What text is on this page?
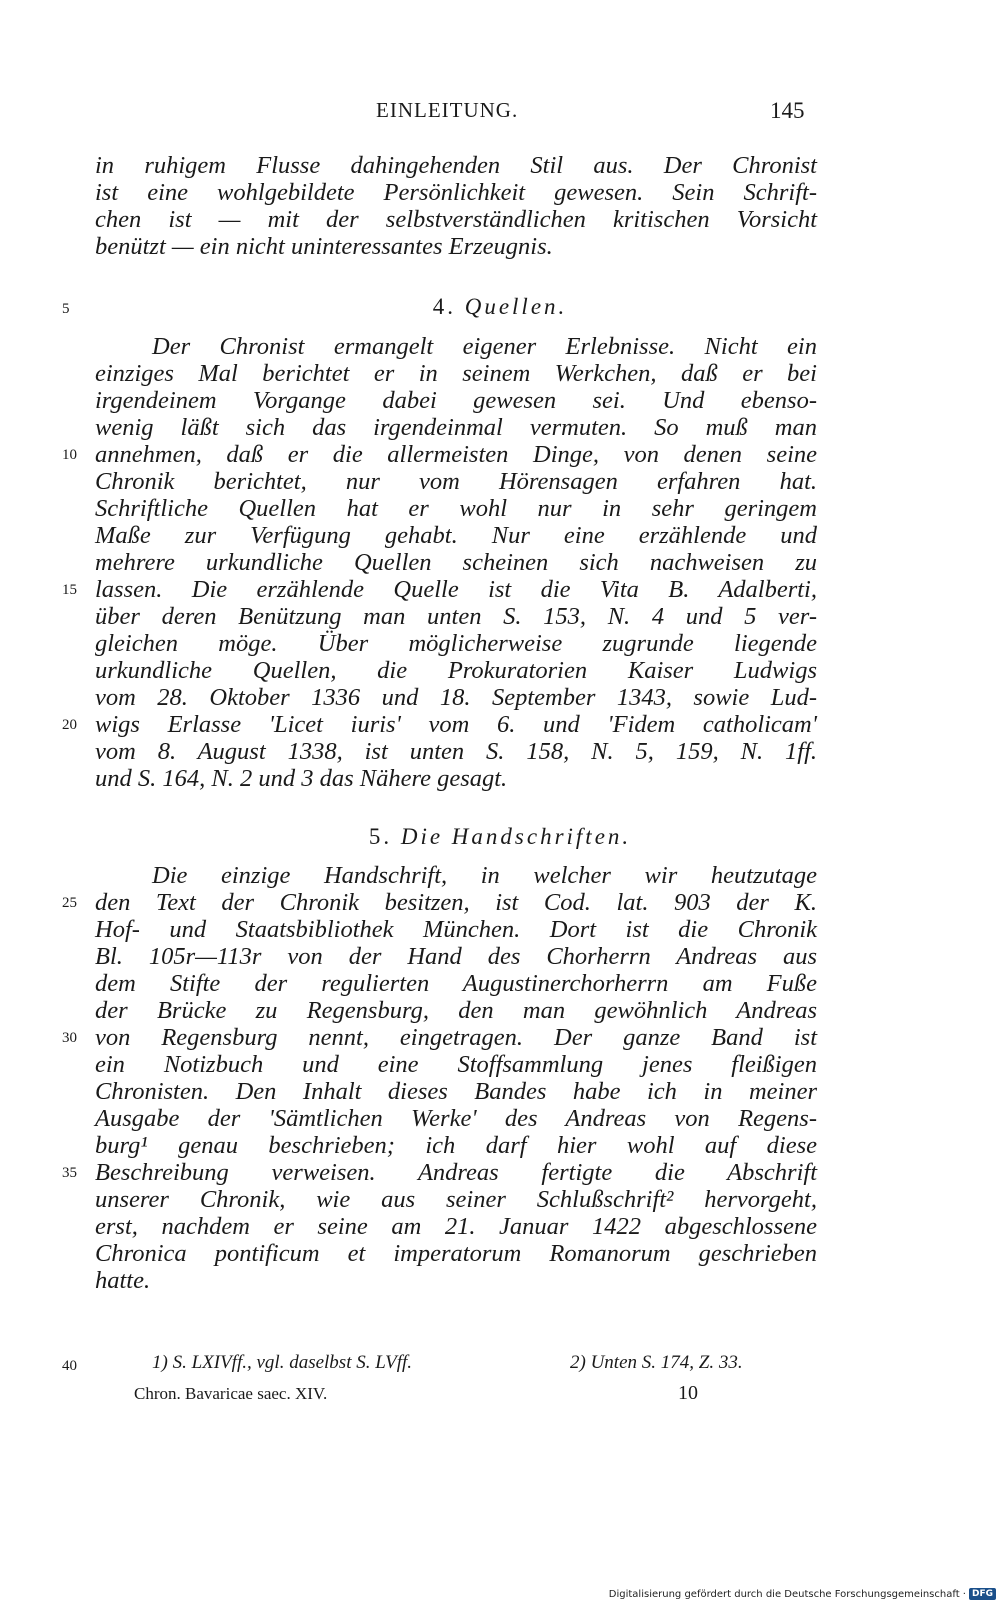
EINLEITUNG.	145
in ruhigem Flusse dahingehenden Stil aus. Der Chronist
ist eine wohlgebildete Persönlichkeit gewesen. Sein Schrift-
chen ist — mit der selbstverständlichen kritischen Vorsicht
benützt — ein nicht uninteressantes Erzeugnis.
5	4. Quellen.
Der Chronist ermangelt eigener Erlebnisse. Nicht ein
einziges Mal berichtet er in seinem Werkchen, daß er bei
irgendeinem Vorgange dabei gewesen sei. Und ebenso-
wenig läßt sich das irgendeinmal vermuten. So muß man
10 annehmen, daß er die allermeisten Dinge, von denen seine
Chronik berichtet, nur vom Hörensagen erfahren hat.
Schriftliche Quellen hat er wohl nur in sehr geringem
Maße zur Verfügung gehabt. Nur eine erzählende und
mehrere urkundliche Quellen scheinen sich nachweisen zu
15 lassen. Die erzählende Quelle ist die Vita B. Adalberti,
über deren Benützung man unten S. 153, N. 4 und 5 ver-
gleichen möge. Über möglicherweise zugrunde liegende
urkundliche Quellen, die Prokuratorien Kaiser Ludwigs
vom 28. Oktober 1336 und 18. September 1343, sowie Lud-
20 wigs Erlasse 'Licet iuris' vom 6. und 'Fidem catholicam'
vom 8. August 1338, ist unten S. 158, N. 5, 159, N. 1ff.
und S. 164, N. 2 und 3 das Nähere gesagt.
5. Die Handschriften.
Die einzige Handschrift, in welcher wir heutzutage
25 den Text der Chronik besitzen, ist Cod. lat. 903 der K.
Hof- und Staatsbibliothek München. Dort ist die Chronik
Bl. 105r—113r von der Hand des Chorherrn Andreas aus
dem Stifte der regulierten Augustinerchorherrn am Fuße
der Brücke zu Regensburg, den man gewöhnlich Andreas
30 von Regensburg nennt, eingetragen. Der ganze Band ist
ein Notizbuch und eine Stoffsammlung jenes fleißigen
Chronisten. Den Inhalt dieses Bandes habe ich in meiner
Ausgabe der 'Sämtlichen Werke' des Andreas von Regens-
burg¹ genau beschrieben; ich darf hier wohl auf diese
35 Beschreibung verweisen. Andreas fertigte die Abschrift
unserer Chronik, wie aus seiner Schlußschrift² hervorgeht,
erst, nachdem er seine am 21. Januar 1422 abgeschlossene
Chronica pontificum et imperatorum Romanorum geschrieben
hatte.
40	1) S. LXIVff., vgl. daselbst S. LVff.	2) Unten S. 174, Z. 33.
Chron. Bavaricae saec. XIV.	10
Digitalisierung gefördert durch die Deutsche Forschungsgemeinschaft · DFG
